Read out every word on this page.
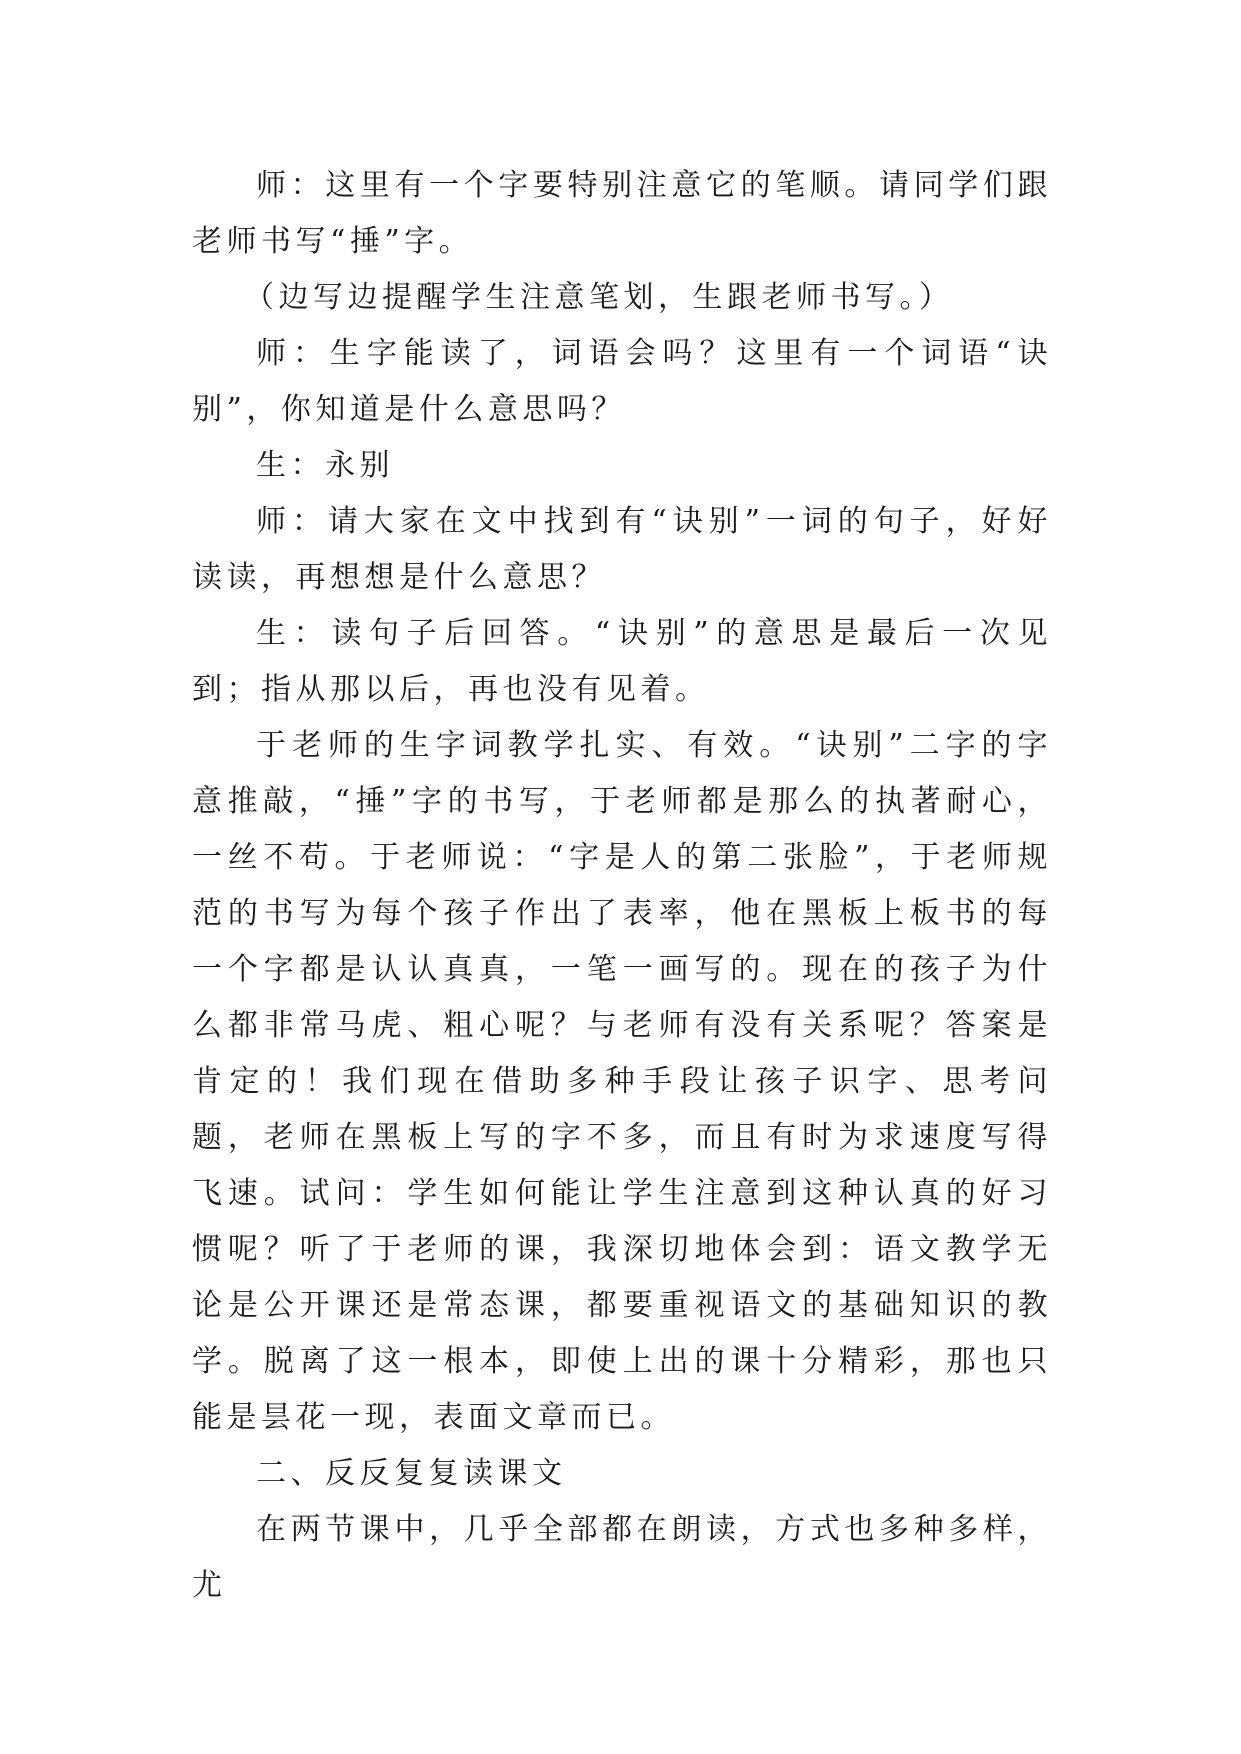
师：这里有一个字要特别注意它的笔顺。请同学们跟老师书写“捶”字。

（边写边提醒学生注意笔划，生跟老师书写。）

师：生字能读了，词语会吗？这里有一个词语“诀别”，你知道是什么意思吗？

生：永别

师：请大家在文中找到有“诀别”一词的句子，好好读读，再想想是什么意思？

生：读句子后回答。“诀别”的意思是最后一次见到；指从那以后，再也没有见着。

于老师的生字词教学扎实、有效。“诀别”二字的字意推敲，“捶”字的书写，于老师都是那么的执著耐心，一丝不苟。于老师说：“字是人的第二张脸”，于老师规范的书写为每个孩子作出了表率，他在黑板上板书的每一个字都是认认真真，一笔一画写的。现在的孩子为什么都非常马虎、粗心呢？与老师有没有关系呢？答案是肯定的！我们现在借助多种手段让孩子识字、思考问题，老师在黑板上写的字不多，而且有时为求速度写得飞速。试问：学生如何能让学生注意到这种认真的好习惯呢？听了于老师的课，我深切地体会到：语文教学无论是公开课还是常态课，都要重视语文的基础知识的教学。脱离了这一根本，即使上出的课十分精彩，那也只能是昙花一现，表面文章而已。

二、反反复复读课文

在两节课中，几乎全部都在朗读，方式也多种多样，尤
